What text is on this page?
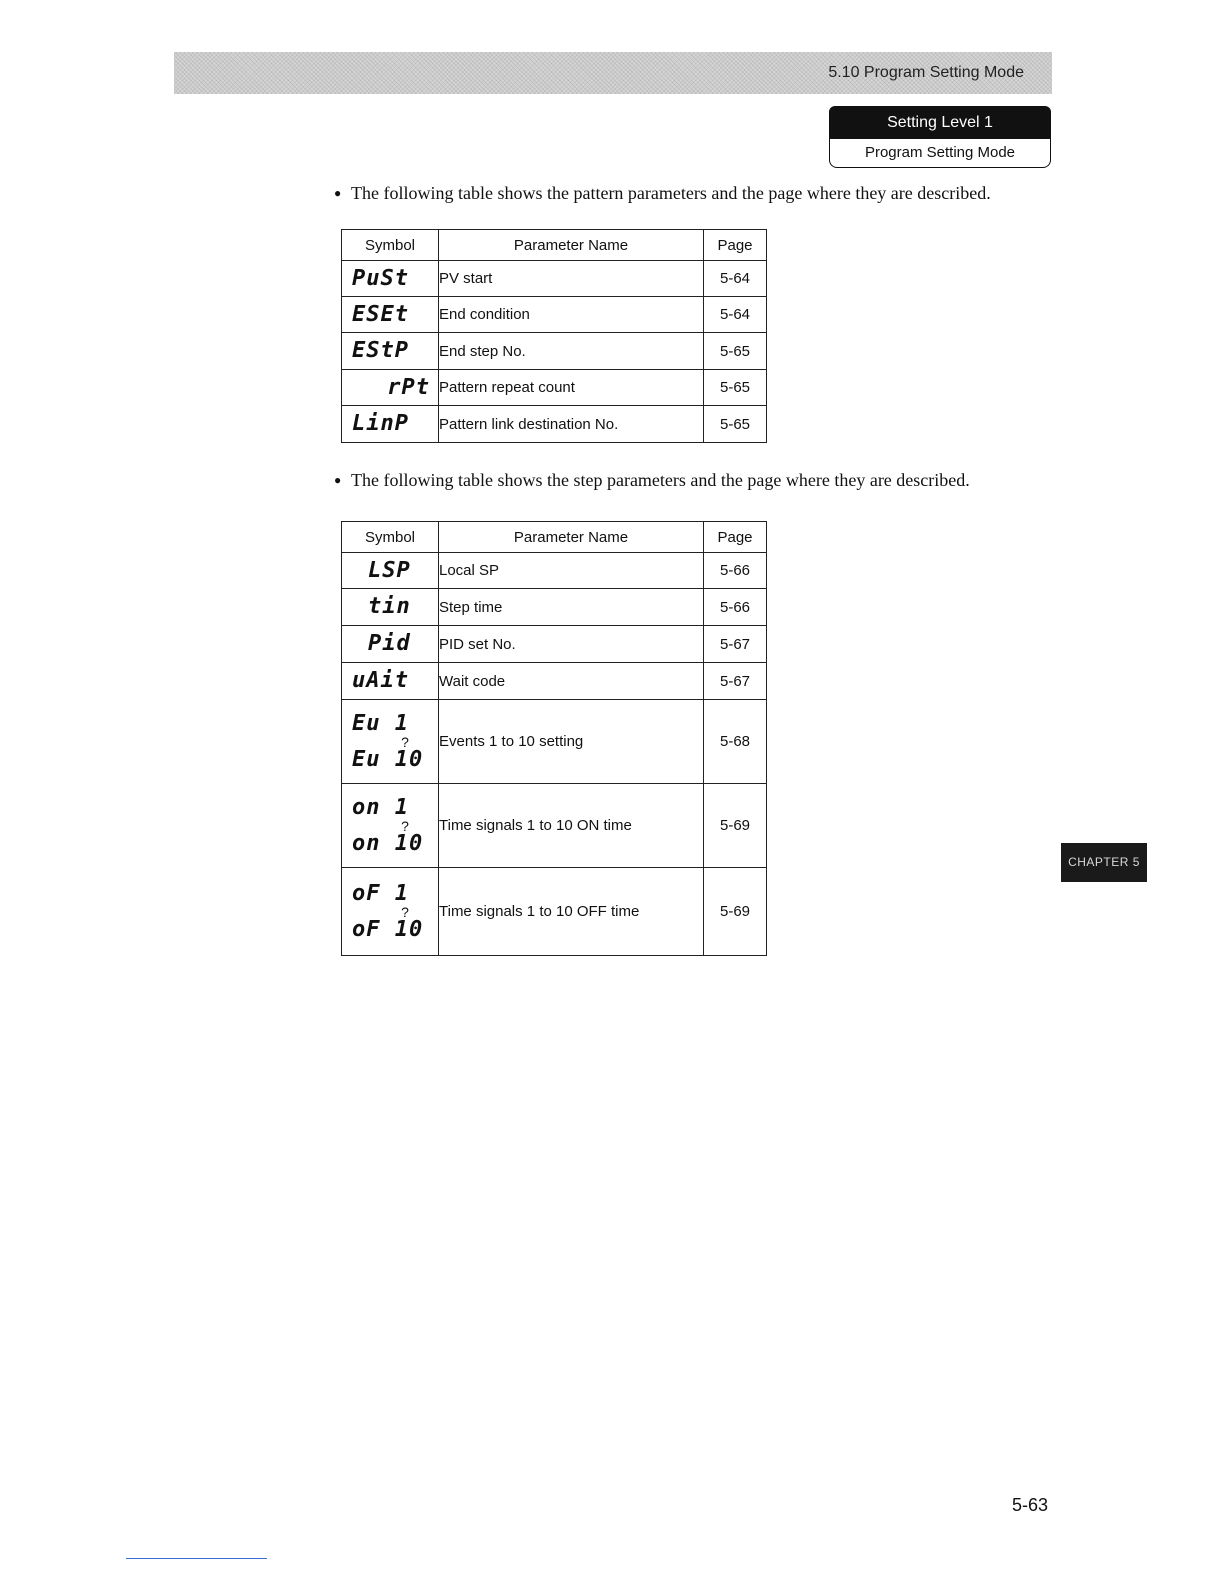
5.10 Program Setting Mode
Setting Level 1
Program Setting Mode
● The following table shows the pattern parameters and the page where they are described.
Symbol	Parameter Name	Page

PuSt	PV start	5-64

ESEt	End condition	5-64

EStP	End step No.	5-65

rPt	Pattern repeat count	5-65

LinP	Pattern link destination No.	5-65
● The following table shows the step parameters and the page where they are described.
Symbol	Parameter Name	Page

LSP	Local SP	5-66

tin	Step time	5-66

Pid	PID set No.	5-67

uAit	Wait code	5-67

Eu 1
?
Eu 10	Events 1 to 10 setting	5-68

on 1
?
on 10	Time signals 1 to 10 ON time	5-69

oF 1
?
oF 10	Time signals 1 to 10 OFF time	5-69
CHAPTER 5
5-63
